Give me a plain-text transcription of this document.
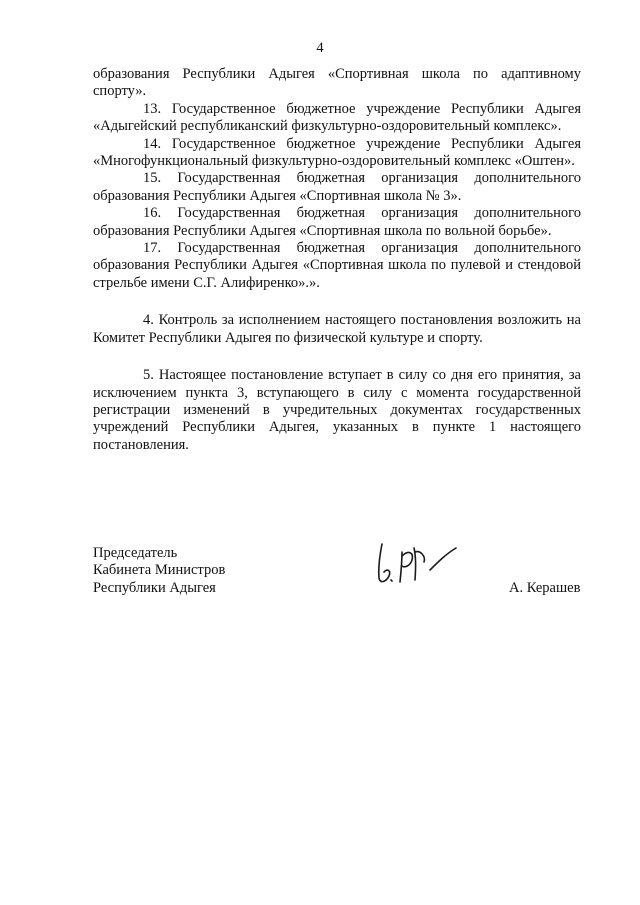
4

образования Республики Адыгея «Спортивная школа по адаптивному спорту».

13. Государственное бюджетное учреждение Республики Адыгея «Адыгейский республиканский физкультурно-оздоровительный комплекс».

14. Государственное бюджетное учреждение Республики Адыгея «Многофункциональный физкультурно-оздоровительный комплекс «Оштен».

15. Государственная бюджетная организация дополнительного образования Республики Адыгея «Спортивная школа № 3».

16. Государственная бюджетная организация дополнительного образования Республики Адыгея «Спортивная школа по вольной борьбе».

17. Государственная бюджетная организация дополнительного образования Республики Адыгея «Спортивная школа по пулевой и стендовой стрельбе имени С.Г. Алифиренко».».

4. Контроль за исполнением настоящего постановления возложить на Комитет Республики Адыгея по физической культуре и спорту.

5. Настоящее постановление вступает в силу со дня его принятия, за исключением пункта 3, вступающего в силу с момента государственной регистрации изменений в учредительных документах государственных учреждений Республики Адыгея, указанных в пункте 1 настоящего постановления.

Председатель
Кабинета Министров
Республики Адыгея	А. Керашев
